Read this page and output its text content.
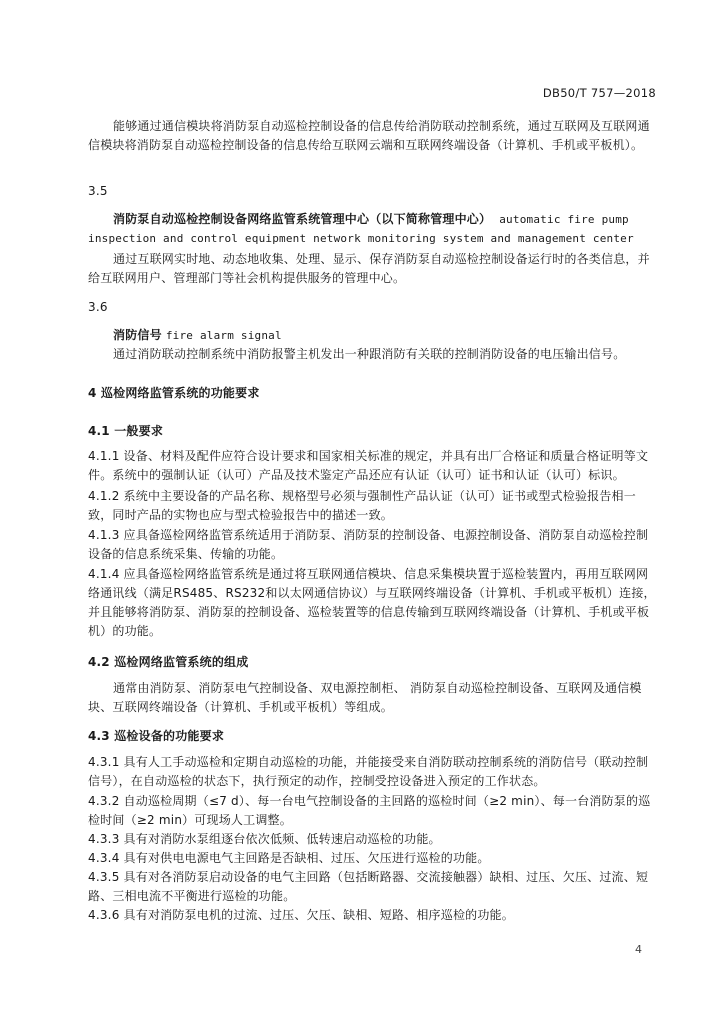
DB50/T 757—2018
能够通过通信模块将消防泵自动巡检控制设备的信息传给消防联动控制系统，通过互联网及互联网通信模块将消防泵自动巡检控制设备的信息传给互联网云端和互联网终端设备（计算机、手机或平板机）。
3.5
消防泵自动巡检控制设备网络监管系统管理中心（以下简称管理中心） automatic fire pump inspection and control equipment network monitoring system and management center
通过互联网实时地、动态地收集、处理、显示、保存消防泵自动巡检控制设备运行时的各类信息，并给互联网用户、管理部门等社会机构提供服务的管理中心。
3.6
消防信号 fire alarm signal
通过消防联动控制系统中消防报警主机发出一种跟消防有关联的控制消防设备的电压输出信号。
4 巡检网络监管系统的功能要求
4.1 一般要求
4.1.1 设备、材料及配件应符合设计要求和国家相关标准的规定，并具有出厂合格证和质量合格证明等文件。系统中的强制认证（认可）产品及技术鉴定产品还应有认证（认可）证书和认证（认可）标识。
4.1.2 系统中主要设备的产品名称、规格型号必须与强制性产品认证（认可）证书或型式检验报告相一致，同时产品的实物也应与型式检验报告中的描述一致。
4.1.3 应具备巡检网络监管系统适用于消防泵、消防泵的控制设备、电源控制设备、消防泵自动巡检控制设备的信息系统采集、传输的功能。
4.1.4 应具备巡检网络监管系统是通过将互联网通信模块、信息采集模块置于巡检装置内，再用互联网网络通讯线（满足RS485、RS232和以太网通信协议）与互联网终端设备（计算机、手机或平板机）连接，并且能够将消防泵、消防泵的控制设备、巡检装置等的信息传输到互联网终端设备（计算机、手机或平板机）的功能。
4.2 巡检网络监管系统的组成
通常由消防泵、消防泵电气控制设备、双电源控制柜、 消防泵自动巡检控制设备、互联网及通信模块、互联网终端设备（计算机、手机或平板机）等组成。
4.3 巡检设备的功能要求
4.3.1 具有人工手动巡检和定期自动巡检的功能，并能接受来自消防联动控制系统的消防信号（联动控制信号），在自动巡检的状态下，执行预定的动作，控制受控设备进入预定的工作状态。
4.3.2 自动巡检周期（≤7 d）、每一台电气控制设备的主回路的巡检时间（≥2 min）、每一台消防泵的巡检时间（≥2 min）可现场人工调整。
4.3.3 具有对消防水泵组逐台依次低频、低转速启动巡检的功能。
4.3.4 具有对供电电源电气主回路是否缺相、过压、欠压进行巡检的功能。
4.3.5 具有对各消防泵启动设备的电气主回路（包括断路器、交流接触器）缺相、过压、欠压、过流、短路、三相电流不平衡进行巡检的功能。
4.3.6 具有对消防泵电机的过流、过压、欠压、缺相、短路、相序巡检的功能。
4
